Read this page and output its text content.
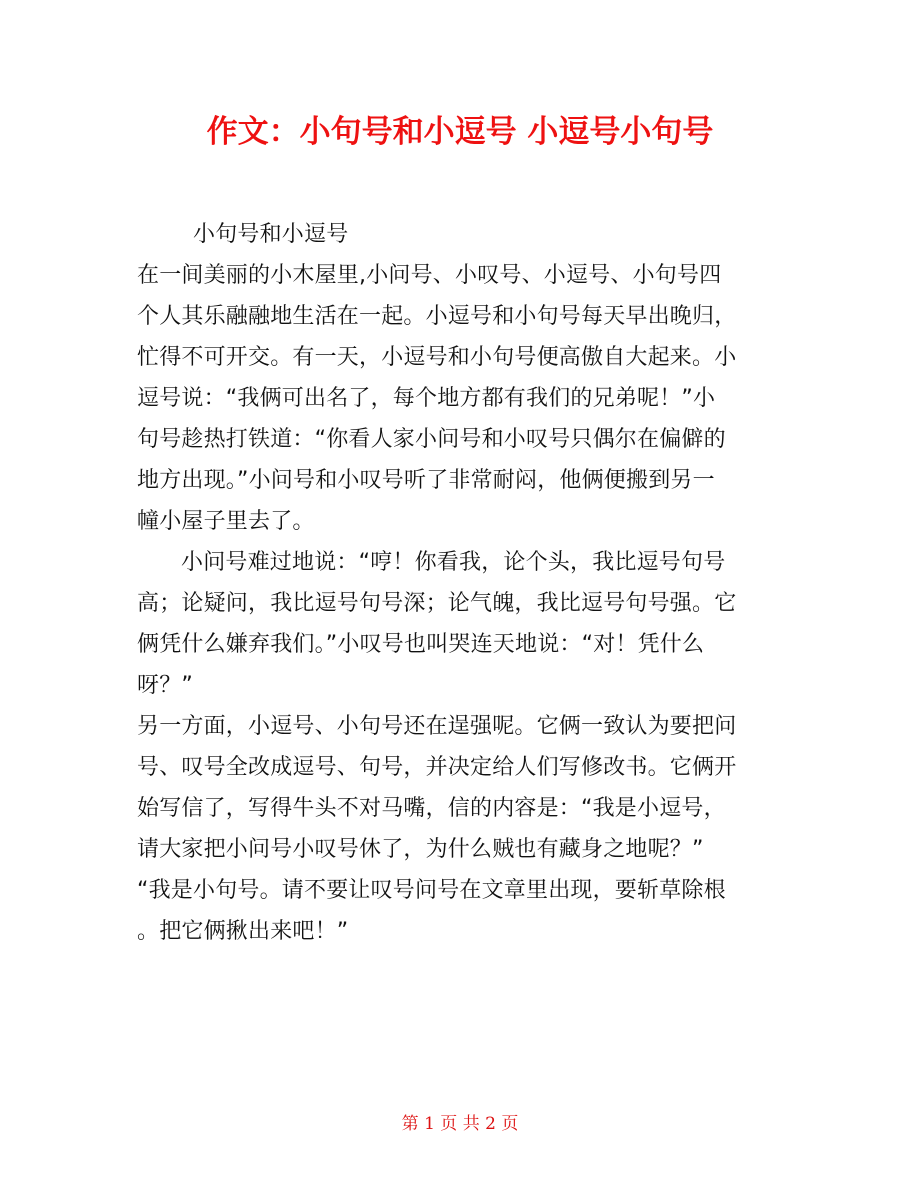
作文：小句号和小逗号 小逗号小句号
小句号和小逗号
在一间美丽的小木屋里,小问号、小叹号、小逗号、小句号四
个人其乐融融地生活在一起。小逗号和小句号每天早出晚归，
忙得不可开交。有一天，小逗号和小句号便高傲自大起来。小
逗号说：“我俩可出名了，每个地方都有我们的兄弟呢！”小
句号趁热打铁道：“你看人家小问号和小叹号只偶尔在偏僻的
地方出现。”小问号和小叹号听了非常耐闷，他俩便搬到另一
幢小屋子里去了。
小问号难过地说：“哼！你看我，论个头，我比逗号句号
高；论疑问，我比逗号句号深；论气魄，我比逗号句号强。它
俩凭什么嫌弃我们。”小叹号也叫哭连天地说：“对！凭什么
呀？”
另一方面，小逗号、小句号还在逞强呢。它俩一致认为要把问
号、叹号全改成逗号、句号，并决定给人们写修改书。它俩开
始写信了，写得牛头不对马嘴，信的内容是：“我是小逗号，
请大家把小问号小叹号休了，为什么贼也有藏身之地呢？”
“我是小句号。请不要让叹号问号在文章里出现，要斩草除根
。把它俩揪出来吧！”
第 1 页 共 2 页
